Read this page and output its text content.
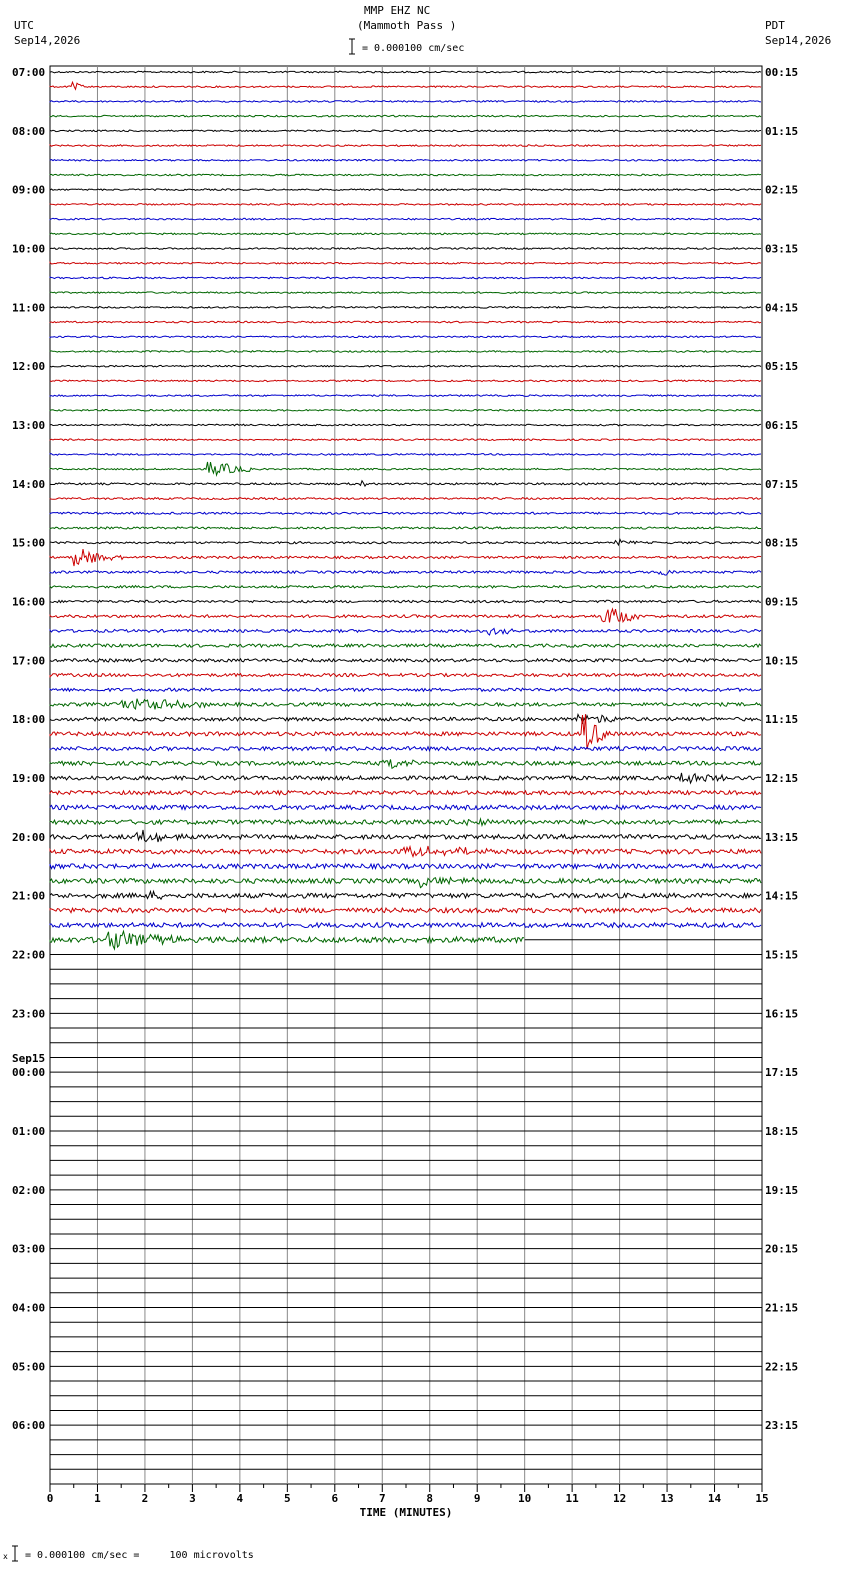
MMP EHZ NC
(Mammoth Pass )
= 0.000100 cm/sec
UTC
Sep14,2026
PDT
Sep14,2026
= 0.000100 cm/sec =     100 microvolts
x
0	1	2	3	4	5	6	7	8	9	10	11	12	13	14	15
TIME (MINUTES)
07:00
08:00
09:00
10:00
11:00
12:00
13:00
14:00
15:00
16:00
17:00
18:00
19:00
20:00
21:00
22:00
23:00
00:00
Sep15
01:00
02:00
03:00
04:00
05:00
06:00
00:15
01:15
02:15
03:15
04:15
05:15
06:15
07:15
08:15
09:15
10:15
11:15
12:15
13:15
14:15
15:15
16:15
17:15
18:15
19:15
20:15
21:15
22:15
23:15
